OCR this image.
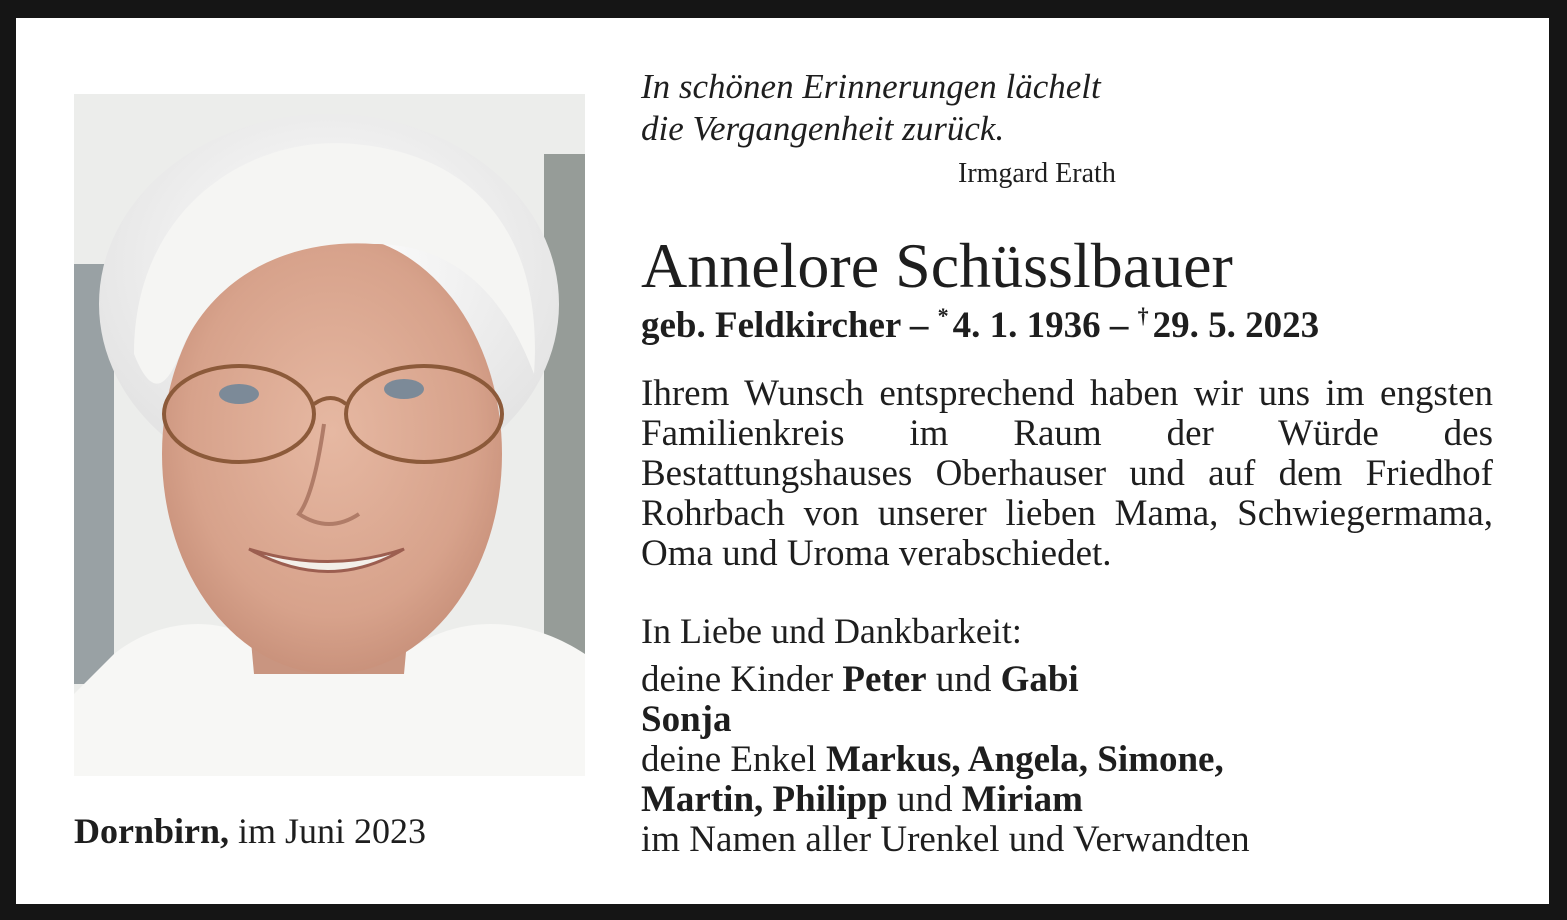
Dornbirn, im Juni 2023
In schönen Erinnerungen lächelt
die Vergangenheit zurück.
Irmgard Erath
Annelore Schüsslbauer
geb. Feldkircher – * 4. 1. 1936 – † 29. 5. 2023
Ihrem Wunsch entsprechend haben wir uns im engsten Familienkreis im Raum der Würde des Bestattungshauses Oberhauser und auf dem Friedhof Rohrbach von unserer lieben Mama, Schwiegermama, Oma und Uroma verabschiedet.
In Liebe und Dankbarkeit:
deine Kinder Peter und Gabi
Sonja
deine Enkel Markus, Angela, Simone,
Martin, Philipp und Miriam
im Namen aller Urenkel und Verwandten
